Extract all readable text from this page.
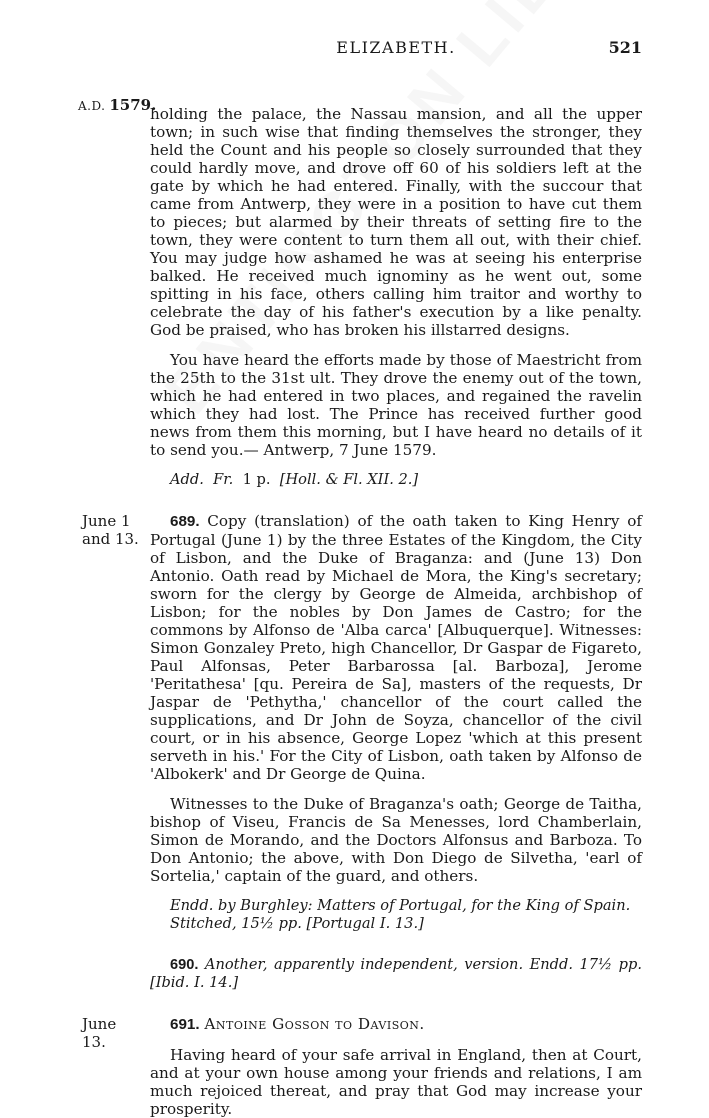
ELIZABETH.	521
A.D. 1579.

holding the palace, the Nassau mansion, and all the upper town; in such wise that finding themselves the stronger, they held the Count and his people so closely surrounded that they could hardly move, and drove off 60 of his soldiers left at the gate by which he had entered. Finally, with the succour that came from Antwerp, they were in a position to have cut them to pieces; but alarmed by their threats of setting fire to the town, they were content to turn them all out, with their chief. You may judge how ashamed he was at seeing his enterprise balked. He received much ignominy as he went out, some spitting in his face, others calling him traitor and worthy to celebrate the day of his father's execution by a like penalty. God be praised, who has broken his illstarred designs.

You have heard the efforts made by those of Maestricht from the 25th to the 31st ult. They drove the enemy out of the town, which he had entered in two places, and regained the ravelin which they had lost. The Prince has received further good news from them this morning, but I have heard no details of it to send you.— Antwerp, 7 June 1579.

Add. Fr. 1 p. [Holl. & Fl. XII. 2.]

June 1
and 13.

689. Copy (translation) of the oath taken to King Henry of Portugal (June 1) by the three Estates of the Kingdom, the City of Lisbon, and the Duke of Braganza: and (June 13) Don Antonio. Oath read by Michael de Mora, the King's secretary; sworn for the clergy by George de Almeida, archbishop of Lisbon; for the nobles by Don James de Castro; for the commons by Alfonso de 'Alba carca' [Albuquerque]. Witnesses: Simon Gonzaley Preto, high Chancellor, Dr Gaspar de Figareto, Paul Alfonsas, Peter Barbarossa [al. Barboza], Jerome 'Peritathesa' [qu. Pereira de Sa], masters of the requests, Dr Jaspar de 'Pethytha,' chancellor of the court called the supplications, and Dr John de Soyza, chancellor of the civil court, or in his absence, George Lopez 'which at this present serveth in his.' For the City of Lisbon, oath taken by Alfonso de 'Albokerk' and Dr George de Quina.

Witnesses to the Duke of Braganza's oath; George de Taitha, bishop of Viseu, Francis de Sa Menesses, lord Chamberlain, Simon de Morando, and the Doctors Alfonsus and Barboza. To Don Antonio; the above, with Don Diego de Silvetha, 'earl of Sortelia,' captain of the guard, and others.

Endd. by Burghley: Matters of Portugal, for the King of Spain.
Stitched, 15½ pp. [Portugal I. 13.]

690. Another, apparently independent, version. Endd. 17½ pp. [Ibid. I. 14.]

June 13.

691. Antoine Gosson to Davison.

Having heard of your safe arrival in England, then at Court, and at your own house among your friends and relations, I am much rejoiced thereat, and pray that God may increase your prosperity.
